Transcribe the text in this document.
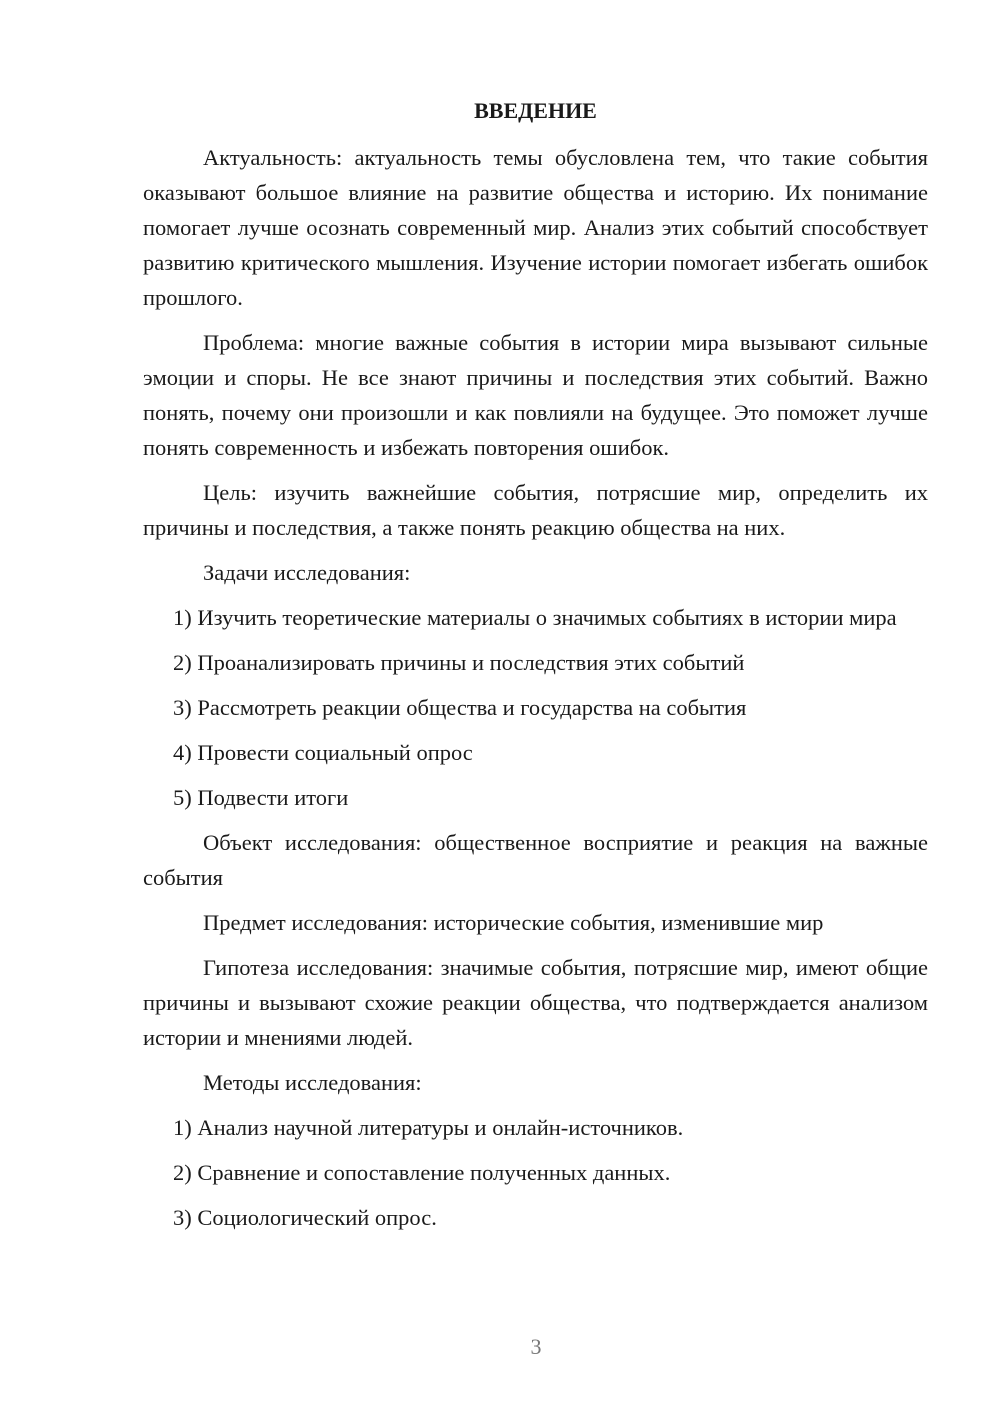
ВВЕДЕНИЕ

Актуальность: актуальность темы обусловлена тем, что такие события оказывают большое влияние на развитие общества и историю. Их понимание помогает лучше осознать современный мир. Анализ этих событий способствует развитию критического мышления. Изучение истории помогает избегать ошибок прошлого.

Проблема: многие важные события в истории мира вызывают сильные эмоции и споры. Не все знают причины и последствия этих событий. Важно понять, почему они произошли и как повлияли на будущее. Это поможет лучше понять современность и избежать повторения ошибок.

Цель: изучить важнейшие события, потрясшие мир, определить их причины и последствия, а также понять реакцию общества на них.

Задачи исследования:

1) Изучить теоретические материалы о значимых событиях в истории мира

2) Проанализировать причины и последствия этих событий

3) Рассмотреть реакции общества и государства на события

4) Провести социальный опрос

5) Подвести итоги

Объект исследования: общественное восприятие и реакция на важные события

Предмет исследования: исторические события, изменившие мир

Гипотеза исследования: значимые события, потрясшие мир, имеют общие причины и вызывают схожие реакции общества, что подтверждается анализом истории и мнениями людей.

Методы исследования:

1) Анализ научной литературы и онлайн-источников.

2) Сравнение и сопоставление полученных данных.

3) Социологический опрос.

3
